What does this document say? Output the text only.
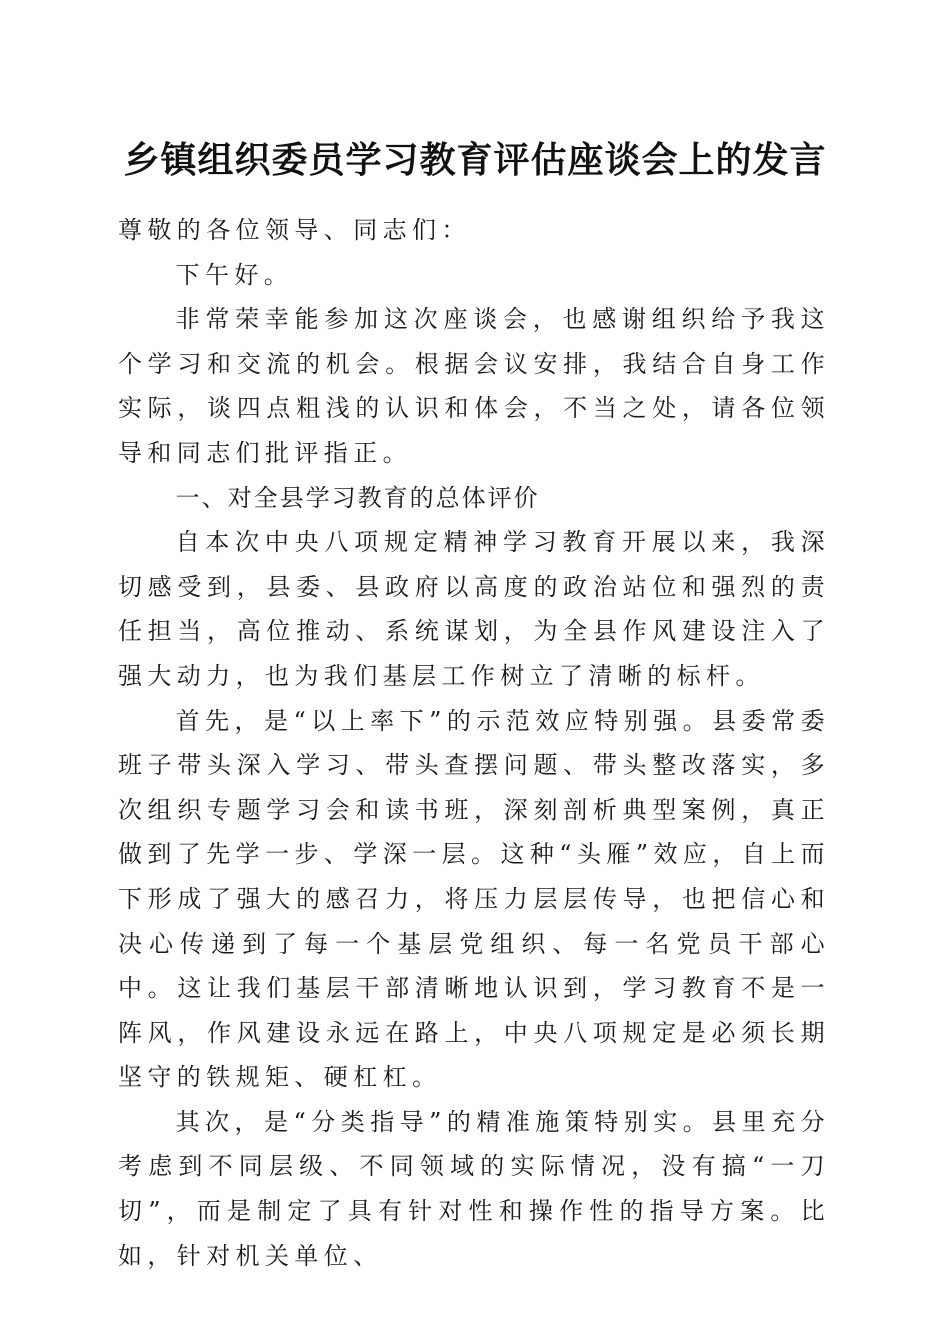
乡镇组织委员学习教育评估座谈会上的发言

尊敬的各位领导、同志们：

下午好。

非常荣幸能参加这次座谈会，也感谢组织给予我这个学习和交流的机会。根据会议安排，我结合自身工作实际，谈四点粗浅的认识和体会，不当之处，请各位领导和同志们批评指正。

一、对全县学习教育的总体评价

自本次中央八项规定精神学习教育开展以来，我深切感受到，县委、县政府以高度的政治站位和强烈的责任担当，高位推动、系统谋划，为全县作风建设注入了强大动力，也为我们基层工作树立了清晰的标杆。

首先，是“以上率下”的示范效应特别强。县委常委班子带头深入学习、带头查摆问题、带头整改落实，多次组织专题学习会和读书班，深刻剖析典型案例，真正做到了先学一步、学深一层。这种“头雁”效应，自上而下形成了强大的感召力，将压力层层传导，也把信心和决心传递到了每一个基层党组织、每一名党员干部心中。这让我们基层干部清晰地认识到，学习教育不是一阵风，作风建设永远在路上，中央八项规定是必须长期坚守的铁规矩、硬杠杠。

其次，是“分类指导”的精准施策特别实。县里充分考虑到不同层级、不同领域的实际情况，没有搞“一刀切”，而是制定了具有针对性和操作性的指导方案。比如，针对机关单位、
